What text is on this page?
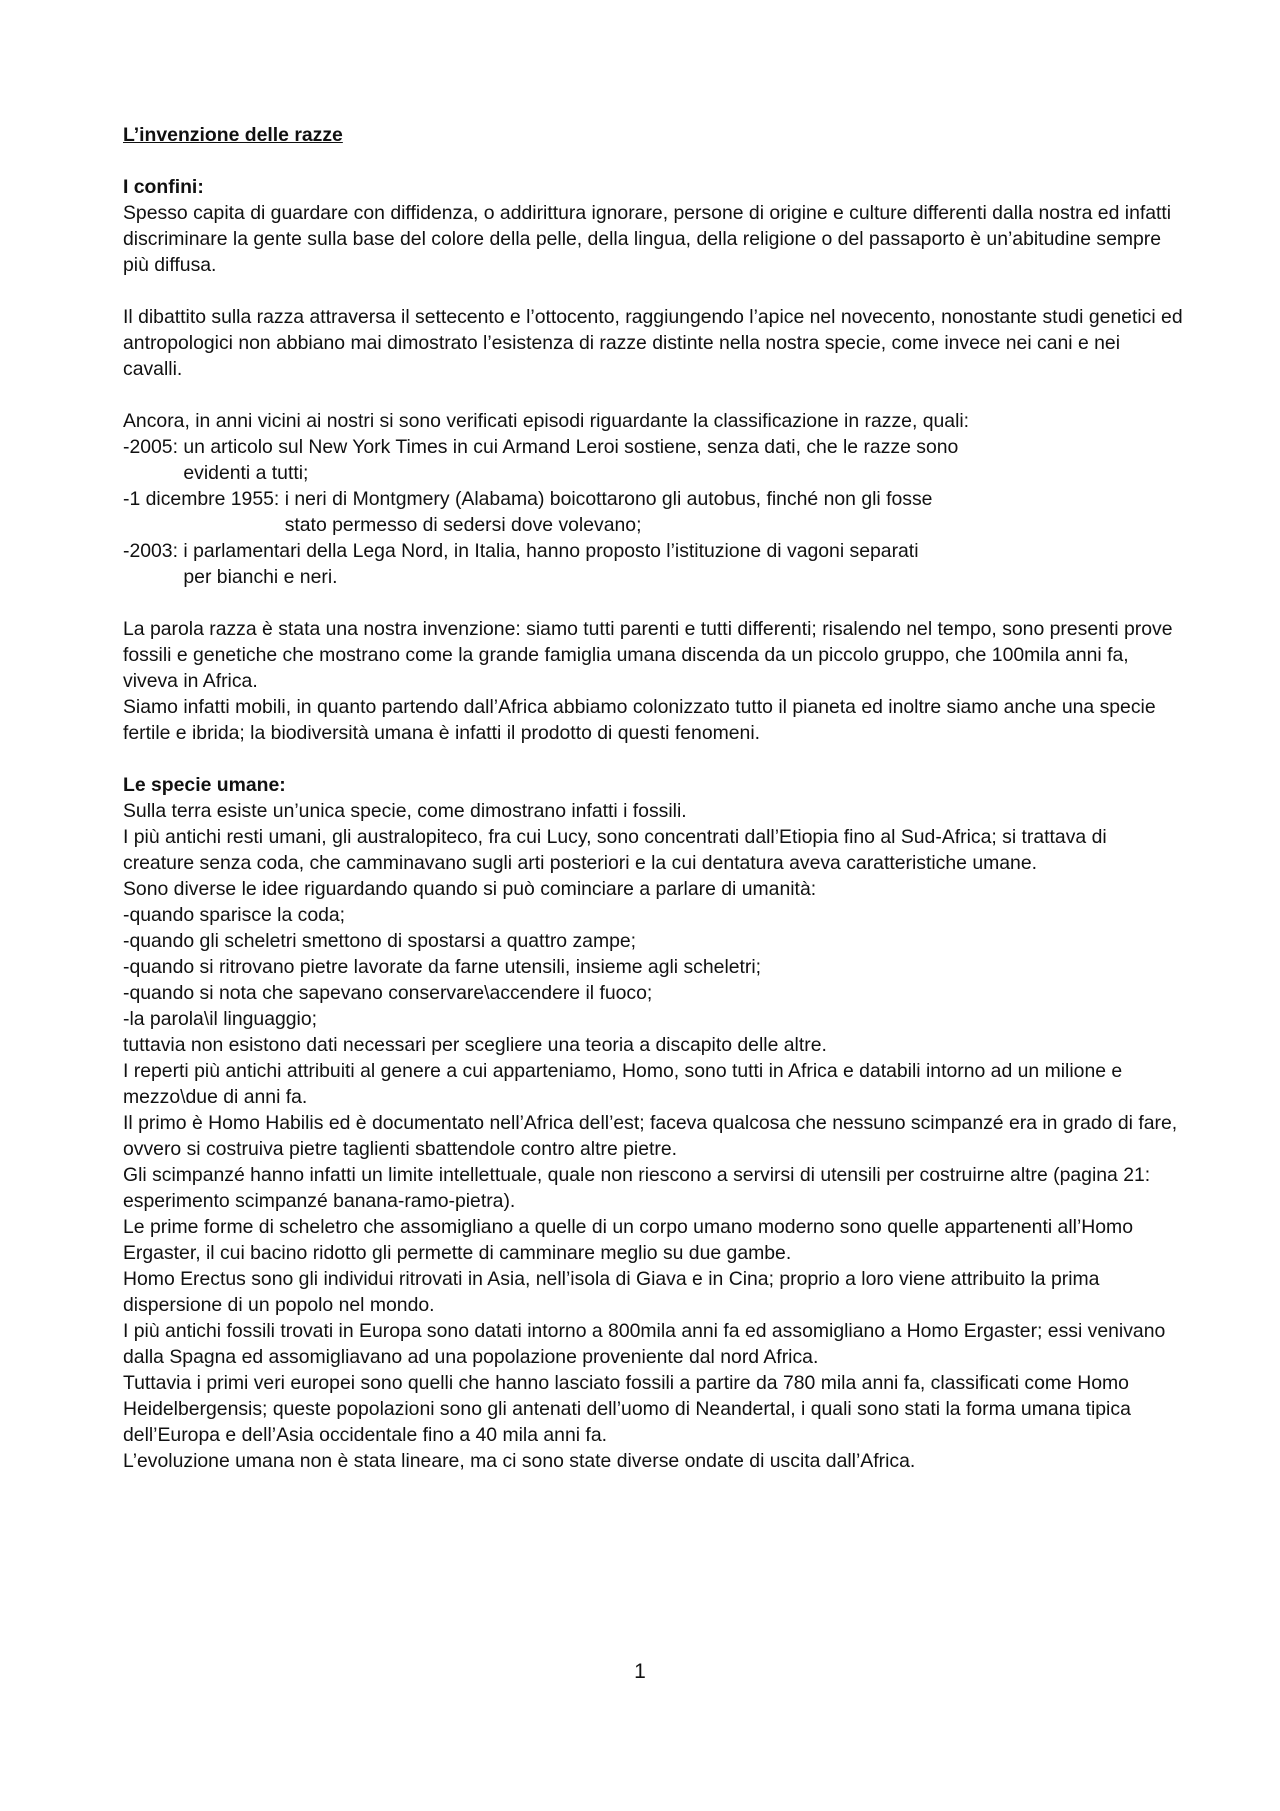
L’invenzione delle razze

I confini:

Spesso capita di guardare con diffidenza, o addirittura ignorare, persone di origine e culture differenti dalla nostra ed infatti discriminare la gente sulla base del colore della pelle, della lingua, della religione o del passaporto è un’abitudine sempre più diffusa.

Il dibattito sulla razza attraversa il settecento e l’ottocento, raggiungendo l’apice nel novecento, nonostante studi genetici ed antropologici non abbiano mai dimostrato l’esistenza di razze distinte nella nostra specie, come invece nei cani e nei cavalli.

Ancora, in anni vicini ai nostri si sono verificati episodi riguardante la classificazione in razze, quali:

-2005: un articolo sul New York Times in cui Armand Leroi sostiene, senza dati, che le razze sono
evidenti a tutti;
-1 dicembre 1955: i neri di Montgmery (Alabama) boicottarono gli autobus, finché non gli fosse
stato permesso di sedersi dove volevano;
-2003: i parlamentari della Lega Nord, in Italia, hanno proposto l’istituzione di vagoni separati
per bianchi e neri.

La parola razza è stata una nostra invenzione: siamo tutti parenti e tutti differenti; risalendo nel tempo, sono presenti prove fossili e genetiche che mostrano come la grande famiglia umana discenda da un piccolo gruppo, che 100mila anni fa, viveva in Africa.

Siamo infatti mobili, in quanto partendo dall’Africa abbiamo colonizzato tutto il pianeta ed inoltre siamo anche una specie fertile e ibrida; la biodiversità umana è infatti il prodotto di questi fenomeni.

Le specie umane:

Sulla terra esiste un’unica specie, come dimostrano infatti i fossili.

I più antichi resti umani, gli australopiteco, fra cui Lucy, sono concentrati dall’Etiopia fino al Sud-Africa; si trattava di creature senza coda, che camminavano sugli arti posteriori e la cui dentatura aveva caratteristiche umane.

Sono diverse le idee riguardando quando si può cominciare a parlare di umanità:

-quando sparisce la coda;

-quando gli scheletri smettono di spostarsi a quattro zampe;

-quando si ritrovano pietre lavorate da farne utensili, insieme agli scheletri;

-quando si nota che sapevano conservare\accendere il fuoco;

-la parola\il linguaggio;

tuttavia non esistono dati necessari per scegliere una teoria a discapito delle altre.

I reperti più antichi attribuiti al genere a cui apparteniamo, Homo, sono tutti in Africa e databili intorno ad un milione e mezzo\due di anni fa.

Il primo è Homo Habilis ed è documentato nell’Africa dell’est; faceva qualcosa che nessuno scimpanzé era in grado di fare, ovvero si costruiva pietre taglienti sbattendole contro altre pietre.

Gli scimpanzé hanno infatti un limite intellettuale, quale non riescono a servirsi di utensili per costruirne altre (pagina 21: esperimento scimpanzé banana-ramo-pietra).

Le prime forme di scheletro che assomigliano a quelle di un corpo umano moderno sono quelle appartenenti all’Homo Ergaster, il cui bacino ridotto gli permette di camminare meglio su due gambe.

Homo Erectus sono gli individui ritrovati in Asia, nell’isola di Giava e in Cina; proprio a loro viene attribuito la prima dispersione di un popolo nel mondo.

I più antichi fossili trovati in Europa sono datati intorno a 800mila anni fa ed assomigliano a Homo Ergaster; essi venivano dalla Spagna ed assomigliavano ad una popolazione proveniente dal nord Africa.

Tuttavia i primi veri europei sono quelli che hanno lasciato fossili a partire da 780 mila anni fa, classificati come Homo Heidelbergensis; queste popolazioni sono gli antenati dell’uomo di Neandertal, i quali sono stati la forma umana tipica dell’Europa e dell’Asia occidentale fino a 40 mila anni fa.

L’evoluzione umana non è stata lineare, ma ci sono state diverse ondate di uscita dall’Africa.

1
